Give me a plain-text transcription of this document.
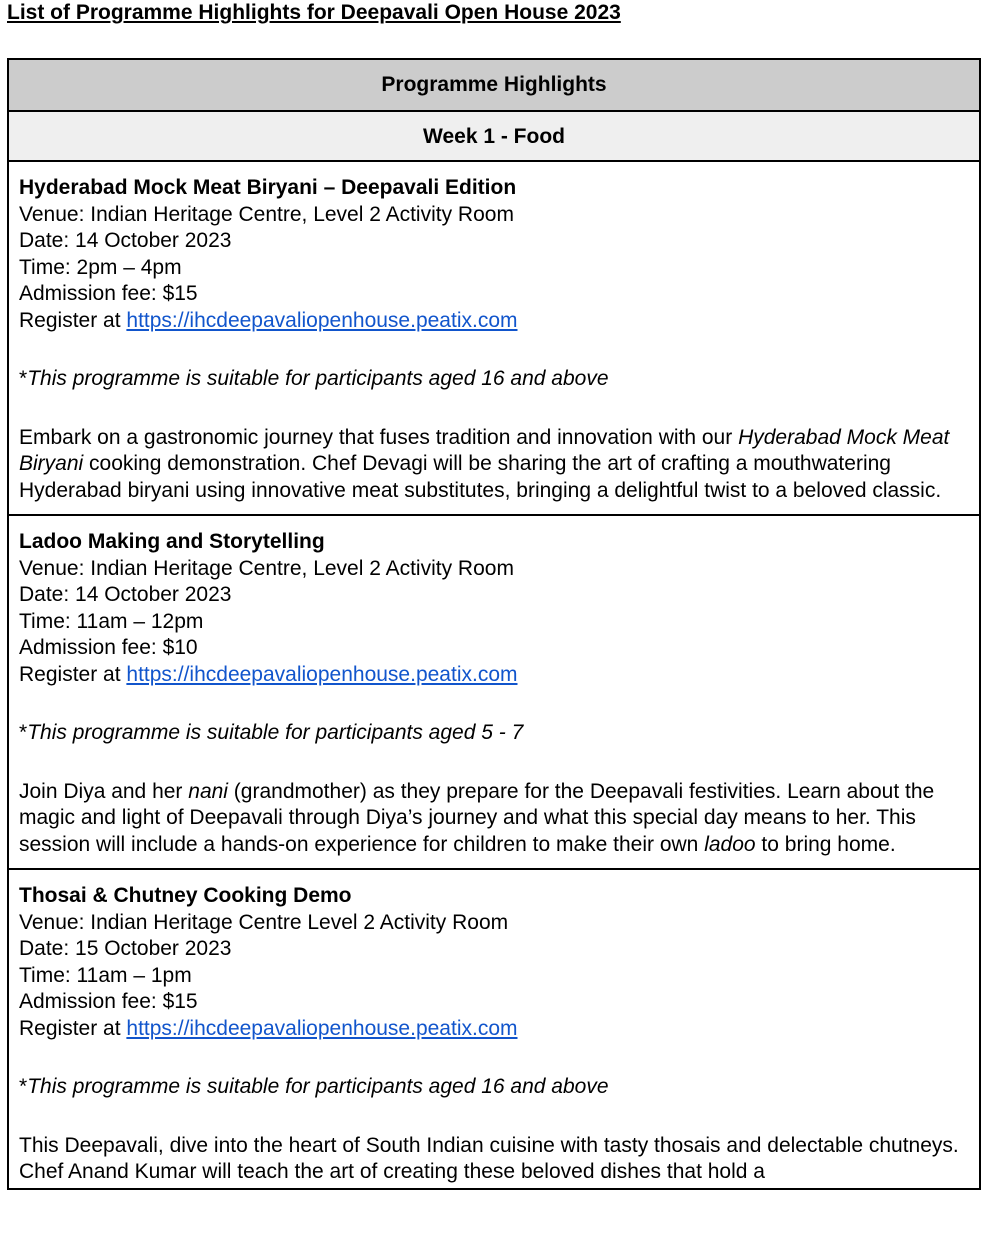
List of Programme Highlights for Deepavali Open House 2023
Programme Highlights
Week 1 - Food
Hyderabad Mock Meat Biryani – Deepavali Edition
Venue: Indian Heritage Centre, Level 2 Activity Room
Date: 14 October 2023
Time: 2pm – 4pm
Admission fee: $15
Register at https://ihcdeepavaliopenhouse.peatix.com
*This programme is suitable for participants aged 16 and above
Embark on a gastronomic journey that fuses tradition and innovation with our Hyderabad Mock Meat Biryani cooking demonstration. Chef Devagi will be sharing the art of crafting a mouthwatering Hyderabad biryani using innovative meat substitutes, bringing a delightful twist to a beloved classic.
Ladoo Making and Storytelling
Venue: Indian Heritage Centre, Level 2 Activity Room
Date: 14 October 2023
Time: 11am – 12pm
Admission fee: $10
Register at https://ihcdeepavaliopenhouse.peatix.com
*This programme is suitable for participants aged 5 - 7
Join Diya and her nani (grandmother) as they prepare for the Deepavali festivities. Learn about the magic and light of Deepavali through Diya’s journey and what this special day means to her. This session will include a hands-on experience for children to make their own ladoo to bring home.
Thosai & Chutney Cooking Demo
Venue: Indian Heritage Centre Level 2 Activity Room
Date: 15 October 2023
Time: 11am – 1pm
Admission fee: $15
Register at https://ihcdeepavaliopenhouse.peatix.com
*This programme is suitable for participants aged 16 and above
This Deepavali, dive into the heart of South Indian cuisine with tasty thosais and delectable chutneys. Chef Anand Kumar will teach the art of creating these beloved dishes that hold a
